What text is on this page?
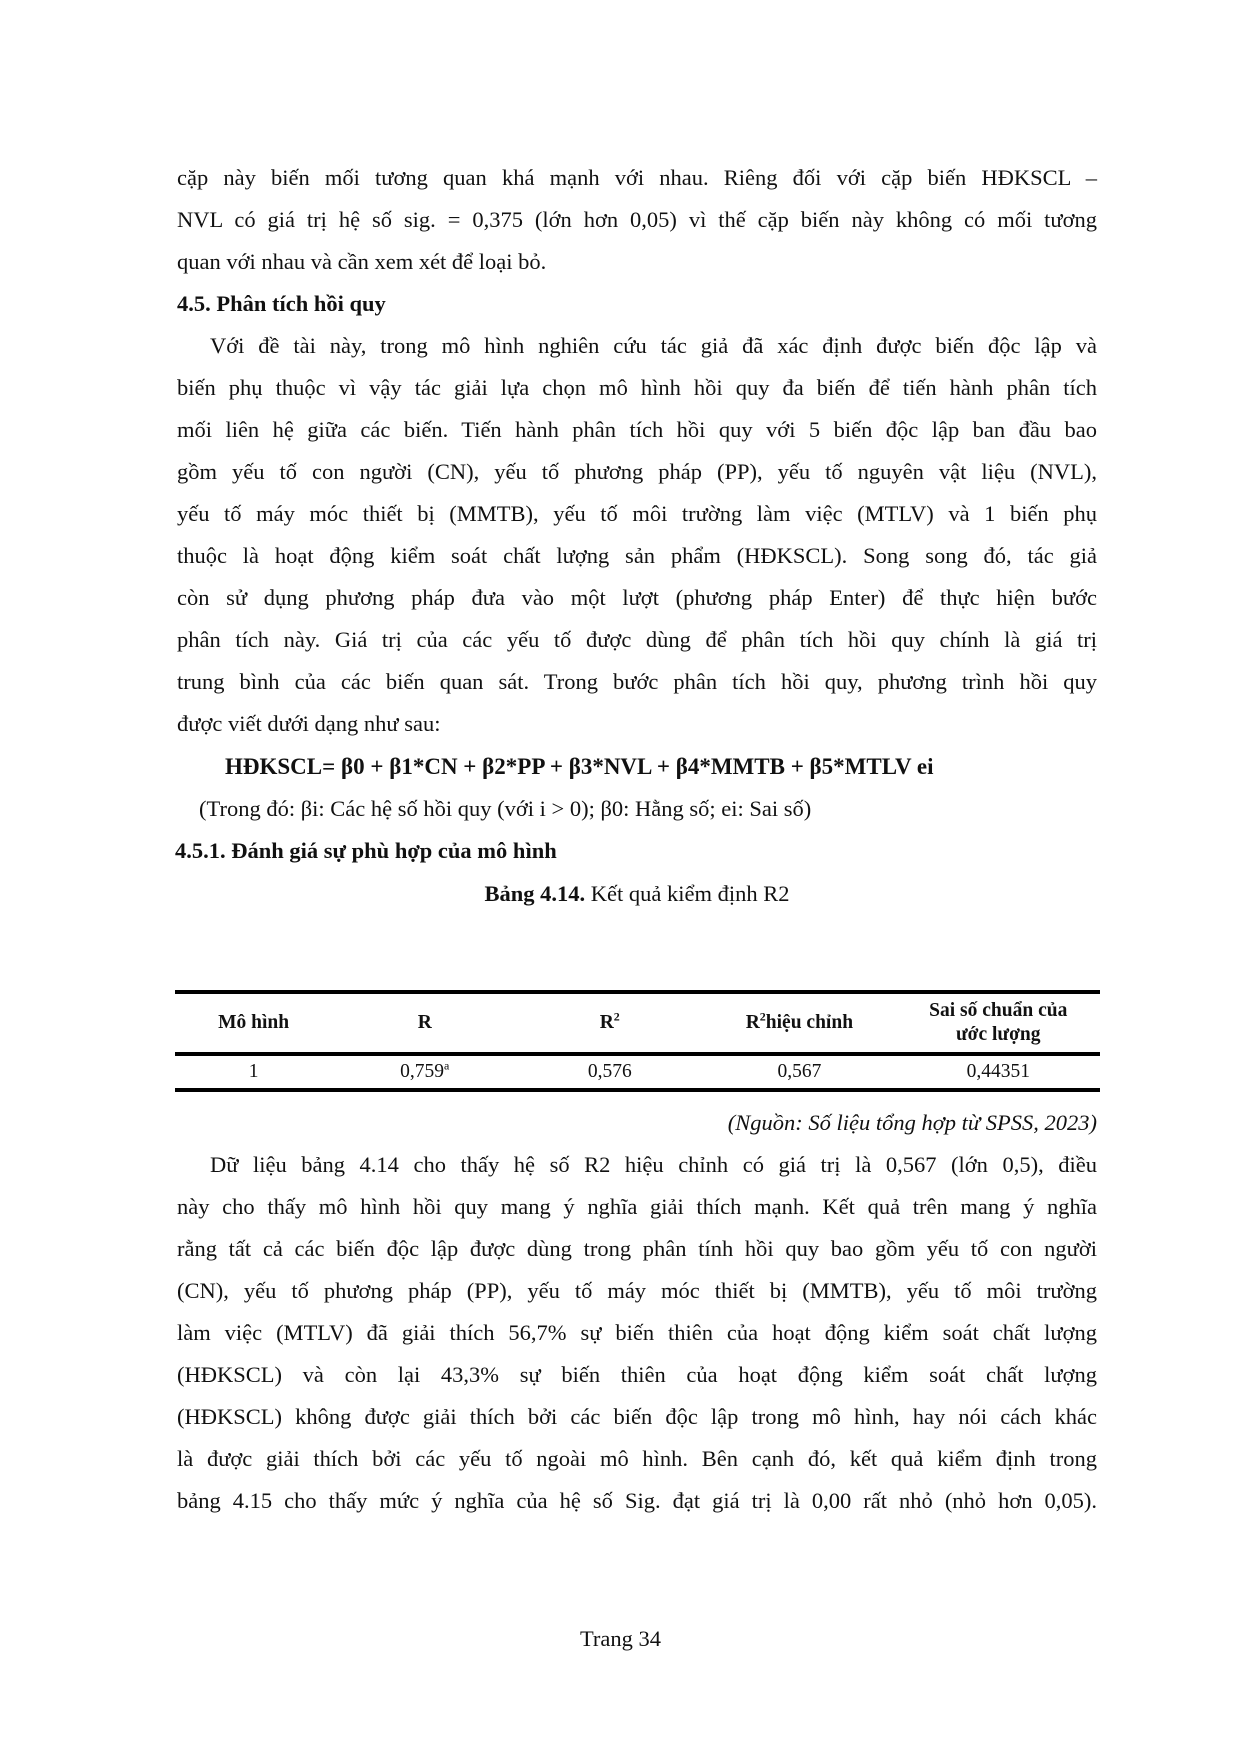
cặp này biến mối tương quan khá mạnh với nhau. Riêng đối với cặp biến HĐKSCL –
NVL có giá trị hệ số sig. = 0,375 (lớn hơn 0,05) vì thế cặp biến này không có mối tương
quan với nhau và cần xem xét để loại bỏ.
4.5. Phân tích hồi quy
Với đề tài này, trong mô hình nghiên cứu tác giả đã xác định được biến độc lập và
biến phụ thuộc vì vậy tác giải lựa chọn mô hình hồi quy đa biến để tiến hành phân tích
mối liên hệ giữa các biến. Tiến hành phân tích hồi quy với 5 biến độc lập ban đầu bao
gồm yếu tố con người (CN), yếu tố phương pháp (PP), yếu tố nguyên vật liệu (NVL),
yếu tố máy móc thiết bị (MMTB), yếu tố môi trường làm việc (MTLV) và 1 biến phụ
thuộc là hoạt động kiểm soát chất lượng sản phẩm (HĐKSCL). Song song đó, tác giả
còn sử dụng phương pháp đưa vào một lượt (phương pháp Enter) để thực hiện bước
phân tích này. Giá trị của các yếu tố được dùng để phân tích hồi quy chính là giá trị
trung bình của các biến quan sát. Trong bước phân tích hồi quy, phương trình hồi quy
được viết dưới dạng như sau:
HĐKSCL= β0 + β1*CN + β2*PP + β3*NVL + β4*MMTB + β5*MTLV ei
(Trong đó: βi: Các hệ số hồi quy (với i > 0); β0: Hằng số; ei: Sai số)
4.5.1. Đánh giá sự phù hợp của mô hình
Bảng 4.14. Kết quả kiểm định R2
Mô hình	R	$R^2$	$R^2hiệu$ chỉnh	Sai số chuẩn của
ước lượng
1	0,759$^a$	0,576	0,567	0,44351
(Nguồn: Số liệu tổng hợp từ SPSS, 2023)
Dữ liệu bảng 4.14 cho thấy hệ số R2 hiệu chỉnh có giá trị là 0,567 (lớn 0,5), điều
này cho thấy mô hình hồi quy mang ý nghĩa giải thích mạnh. Kết quả trên mang ý nghĩa
rằng tất cả các biến độc lập được dùng trong phân tính hồi quy bao gồm yếu tố con người
(CN), yếu tố phương pháp (PP), yếu tố máy móc thiết bị (MMTB), yếu tố môi trường
làm việc (MTLV) đã giải thích 56,7% sự biến thiên của hoạt động kiểm soát chất lượng
(HĐKSCL) và còn lại 43,3% sự biến thiên của hoạt động kiểm soát chất lượng
(HĐKSCL) không được giải thích bởi các biến độc lập trong mô hình, hay nói cách khác
là được giải thích bởi các yếu tố ngoài mô hình. Bên cạnh đó, kết quả kiểm định trong
bảng 4.15 cho thấy mức ý nghĩa của hệ số Sig. đạt giá trị là 0,00 rất nhỏ (nhỏ hơn 0,05).
Trang 34
